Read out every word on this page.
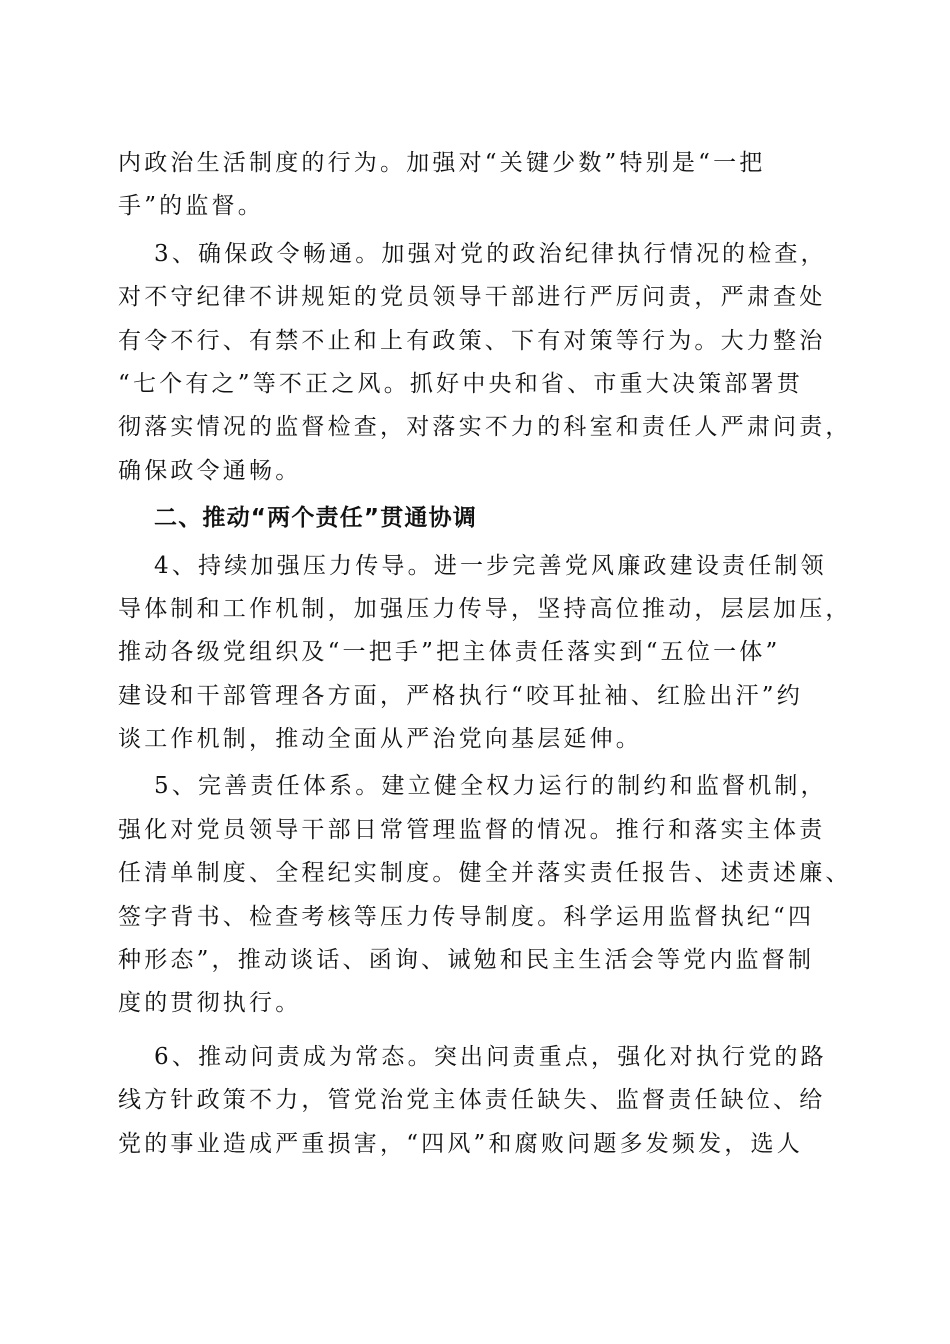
内政治生活制度的行为。加强对“关键少数”特别是“一把
手”的监督。
3、确保政令畅通。加强对党的政治纪律执行情况的检查，
对不守纪律不讲规矩的党员领导干部进行严厉问责，严肃查处
有令不行、有禁不止和上有政策、下有对策等行为。大力整治
“七个有之”等不正之风。抓好中央和省、市重大决策部署贯
彻落实情况的监督检查，对落实不力的科室和责任人严肃问责，
确保政令通畅。
二、推动“两个责任”贯通协调
4、持续加强压力传导。进一步完善党风廉政建设责任制领
导体制和工作机制，加强压力传导，坚持高位推动，层层加压，
推动各级党组织及“一把手”把主体责任落实到“五位一体”
建设和干部管理各方面，严格执行“咬耳扯袖、红脸出汗”约
谈工作机制，推动全面从严治党向基层延伸。
5、完善责任体系。建立健全权力运行的制约和监督机制，
强化对党员领导干部日常管理监督的情况。推行和落实主体责
任清单制度、全程纪实制度。健全并落实责任报告、述责述廉、
签字背书、检查考核等压力传导制度。科学运用监督执纪“四
种形态”，推动谈话、函询、诫勉和民主生活会等党内监督制
度的贯彻执行。
6、推动问责成为常态。突出问责重点，强化对执行党的路
线方针政策不力，管党治党主体责任缺失、监督责任缺位、给
党的事业造成严重损害，“四风”和腐败问题多发频发，选人
